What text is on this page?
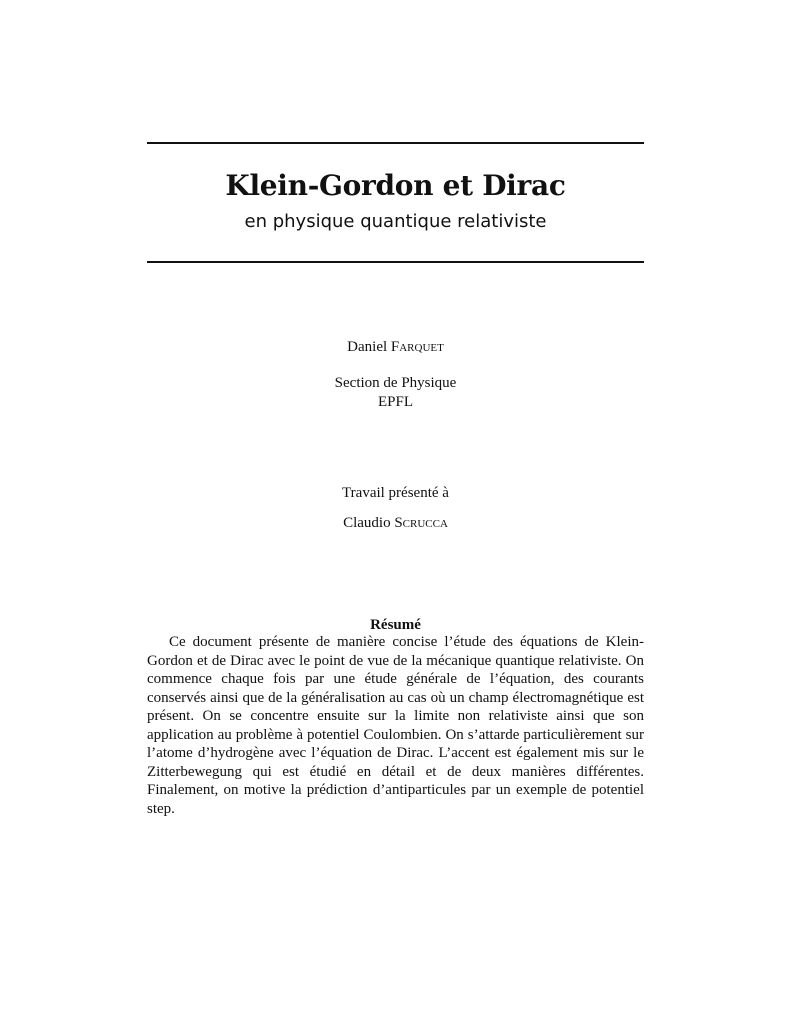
Klein-Gordon et Dirac
en physique quantique relativiste
Daniel Farquet
Section de Physique
EPFL
Travail présenté à
Claudio Scrucca
Résumé

Ce document présente de manière concise l’étude des équations de Klein-Gordon et de Dirac avec le point de vue de la mécanique quantique relativiste. On commence chaque fois par une étude générale de l’équation, des courants conservés ainsi que de la généralisation au cas où un champ électromagnétique est présent. On se concentre ensuite sur la limite non relativiste ainsi que son application au problème à potentiel Coulombien. On s’attarde particulièrement sur l’atome d’hydrogène avec l’équation de Dirac. L’accent est également mis sur le Zitterbewegung qui est étudié en détail et de deux manières différentes. Finalement, on motive la prédiction d’antiparticules par un exemple de potentiel step.
